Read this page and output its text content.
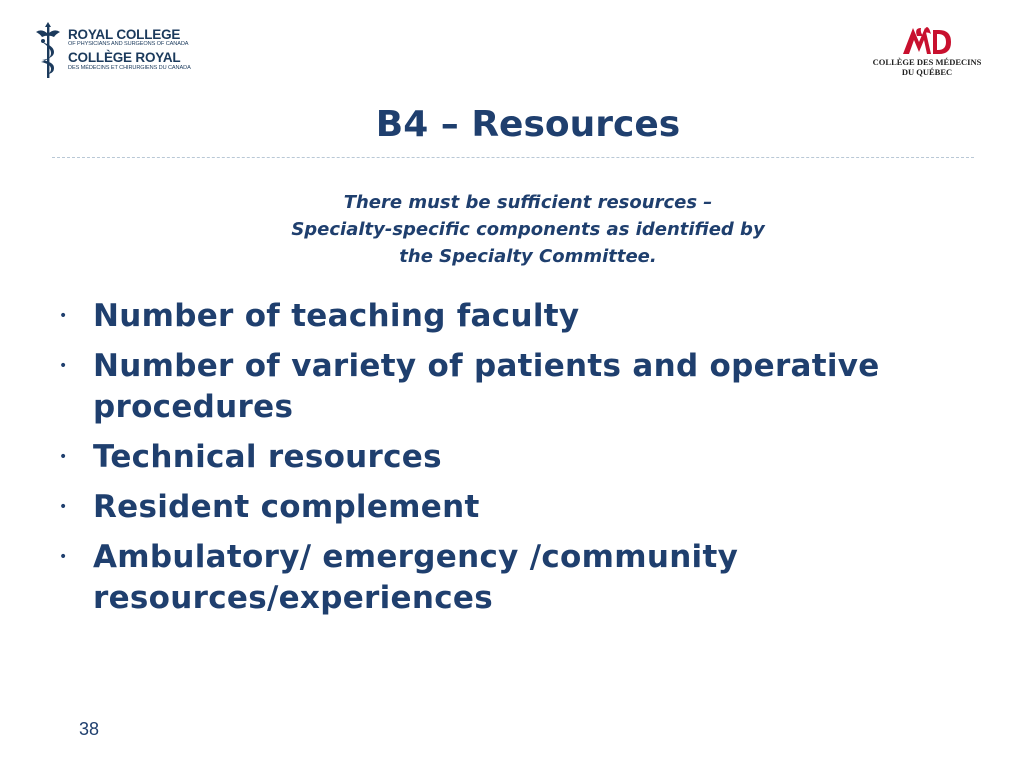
ROYAL COLLEGE
OF PHYSICIANS AND SURGEONS OF CANADA
COLLÈGE ROYAL
DES MÉDECINS ET CHIRURGIENS DU CANADA
COLLÈGE DES MÉDECINS
DU QUÉBEC
B4 – Resources
There must be sufficient resources –
Specialty-specific components as identified by
the Specialty Committee.
• Number of teaching faculty
• Number of variety of patients and operative procedures
• Technical resources
• Resident complement
• Ambulatory/ emergency /community resources/experiences
38
